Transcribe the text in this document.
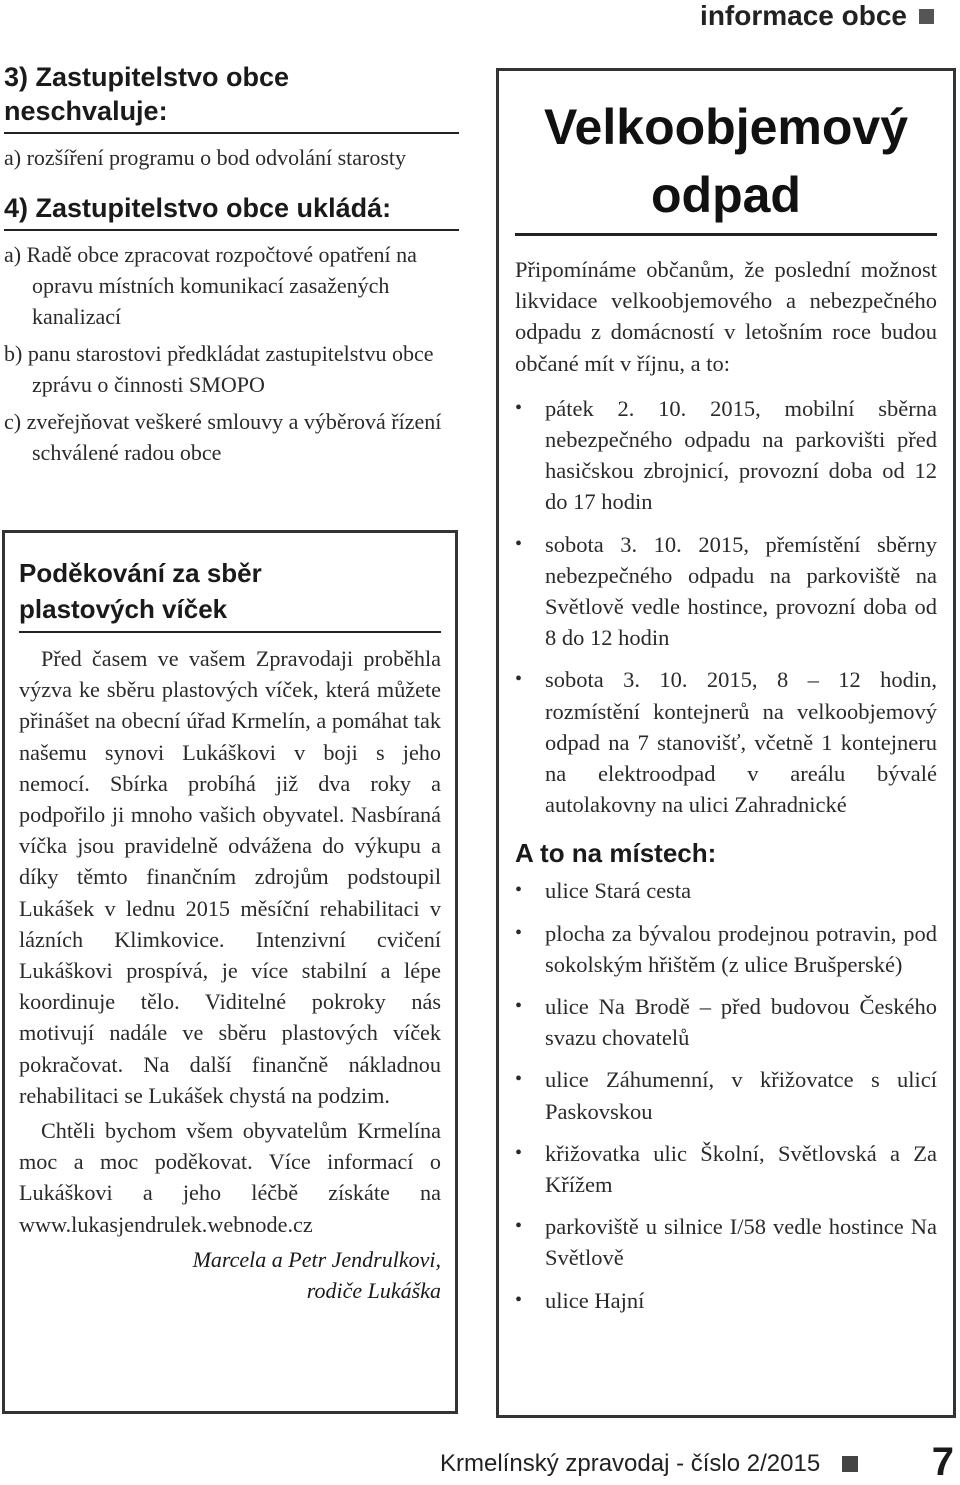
informace obce
3) Zastupitelstvo obce neschvaluje:
a) rozšíření programu o bod odvolání starosty
4) Zastupitelstvo obce ukládá:
a) Radě obce zpracovat rozpočtové opatření na opravu místních komunikací zasažených kanalizací
b) panu starostovi předkládat zastupitelstvu obce zprávu o činnosti SMOPO
c) zveřejňovat veškeré smlouvy a výběrová řízení schválené radou obce
Poděkování za sběr plastových víček
Před časem ve vašem Zpravodaji proběhla výzva ke sběru plastových víček, která můžete přinášet na obecní úřad Krmelín, a pomáhat tak našemu synovi Lukáškovi v boji s jeho nemocí. Sbírka probíhá již dva roky a podpořilo ji mnoho vašich obyvatel. Nasbíraná víčka jsou pravidelně odvážena do výkupu a díky těmto finančním zdrojům podstoupil Lukášek v lednu 2015 měsíční rehabilitaci v lázních Klimkovice. Intenzivní cvičení Lukáškovi prospívá, je více stabilní a lépe koordinuje tělo. Viditelné pokroky nás motivují nadále ve sběru plastových víček pokračovat. Na další finančně nákladnou rehabilitaci se Lukášek chystá na podzim.
Chtěli bychom všem obyvatelům Krmelína moc a moc poděkovat. Více informací o Lukáškovi a jeho léčbě získáte na www.lukasjendrulek.webnode.cz
Marcela a Petr Jendrulkovi,
rodiče Lukáška
Velkoobjemový odpad
Připomínáme občanům, že poslední možnost likvidace velkoobjemového a nebezpečného odpadu z domácností v letošním roce budou občané mít v říjnu, a to:
• pátek 2. 10. 2015, mobilní sběrna nebezpečného odpadu na parkovišti před hasičskou zbrojnicí, provozní doba od 12 do 17 hodin
• sobota 3. 10. 2015, přemístění sběrny nebezpečného odpadu na parkoviště na Světlově vedle hostince, provozní doba od 8 do 12 hodin
• sobota 3. 10. 2015, 8 – 12 hodin, rozmístění kontejnerů na velkoobjemový odpad na 7 stanovišť, včetně 1 kontejneru na elektroodpad v areálu bývalé autolakovny na ulici Zahradnické
A to na místech:
• ulice Stará cesta
• plocha za bývalou prodejnou potravin, pod sokolským hřištěm (z ulice Brušperské)
• ulice Na Brodě – před budovou Českého svazu chovatelů
• ulice Záhumenní, v křižovatce s ulicí Paskovskou
• křižovatka ulic Školní, Světlovská a Za Křížem
• parkoviště u silnice I/58 vedle hostince Na Světlově
• ulice Hajní
Krmelínský zpravodaj - číslo 2/2015	7
